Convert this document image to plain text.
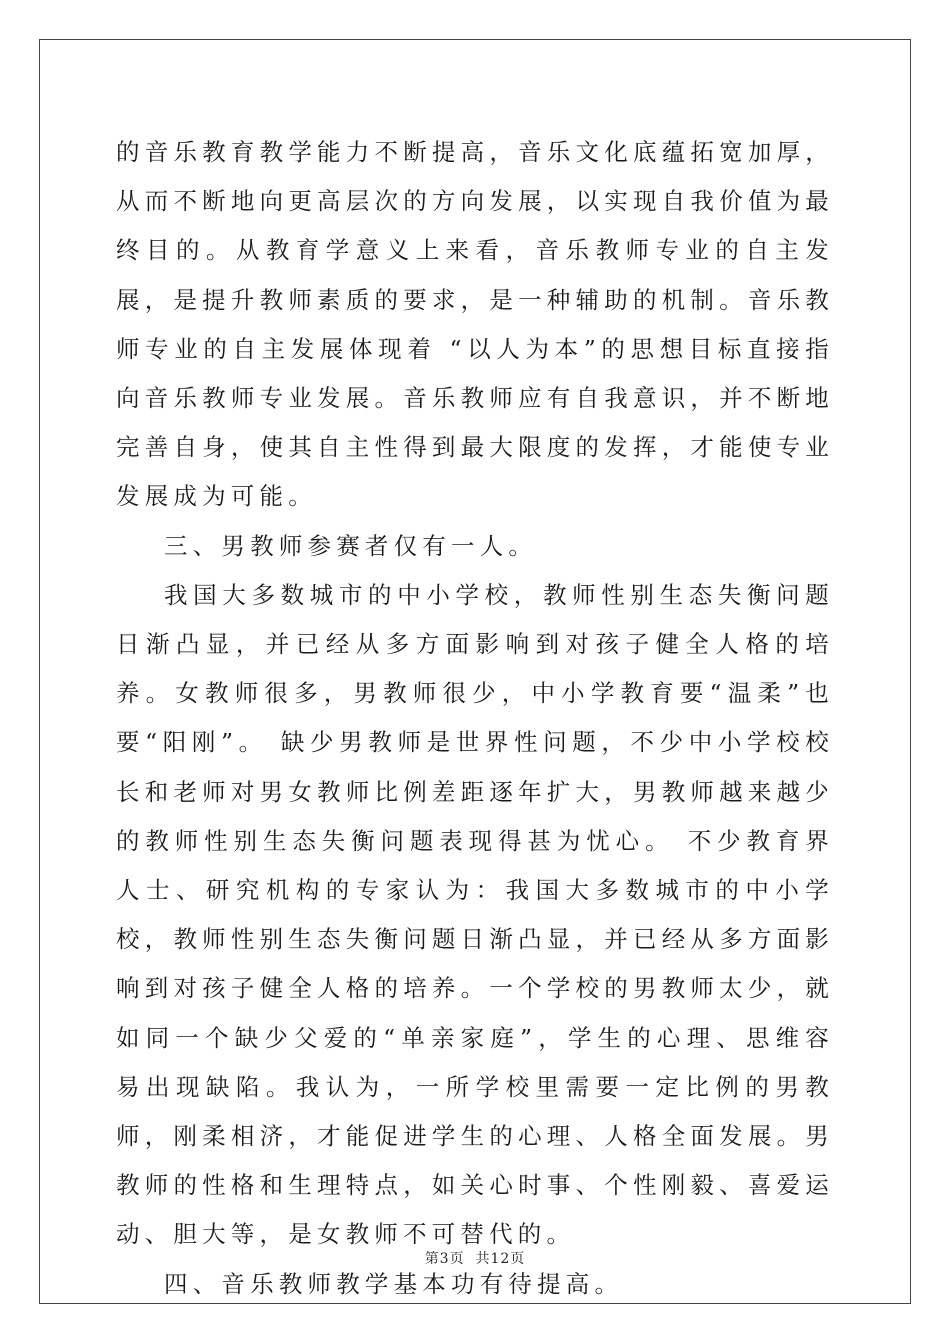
的音乐教育教学能力不断提高，音乐文化底蕴拓宽加厚，从而不断地向更高层次的方向发展，以实现自我价值为最终目的。从教育学意义上来看，音乐教师专业的自主发展，是提升教师素质的要求，是一种辅助的机制。音乐教师专业的自主发展体现着 “以人为本”的思想目标直接指向音乐教师专业发展。音乐教师应有自我意识，并不断地完善自身，使其自主性得到最大限度的发挥，才能使专业发展成为可能。

三、男教师参赛者仅有一人。

我国大多数城市的中小学校，教师性别生态失衡问题日渐凸显，并已经从多方面影响到对孩子健全人格的培养。女教师很多，男教师很少，中小学教育要“温柔”也要“阳刚”。 缺少男教师是世界性问题，不少中小学校校长和老师对男女教师比例差距逐年扩大，男教师越来越少的教师性别生态失衡问题表现得甚为忧心。 不少教育界人士、研究机构的专家认为：我国大多数城市的中小学校，教师性别生态失衡问题日渐凸显，并已经从多方面影响到对孩子健全人格的培养。一个学校的男教师太少，就如同一个缺少父爱的“单亲家庭”，学生的心理、思维容易出现缺陷。我认为，一所学校里需要一定比例的男教师，刚柔相济，才能促进学生的心理、人格全面发展。男教师的性格和生理特点，如关心时事、个性刚毅、喜爱运动、胆大等，是女教师不可替代的。

四、音乐教师教学基本功有待提高。

第3页  共12页
